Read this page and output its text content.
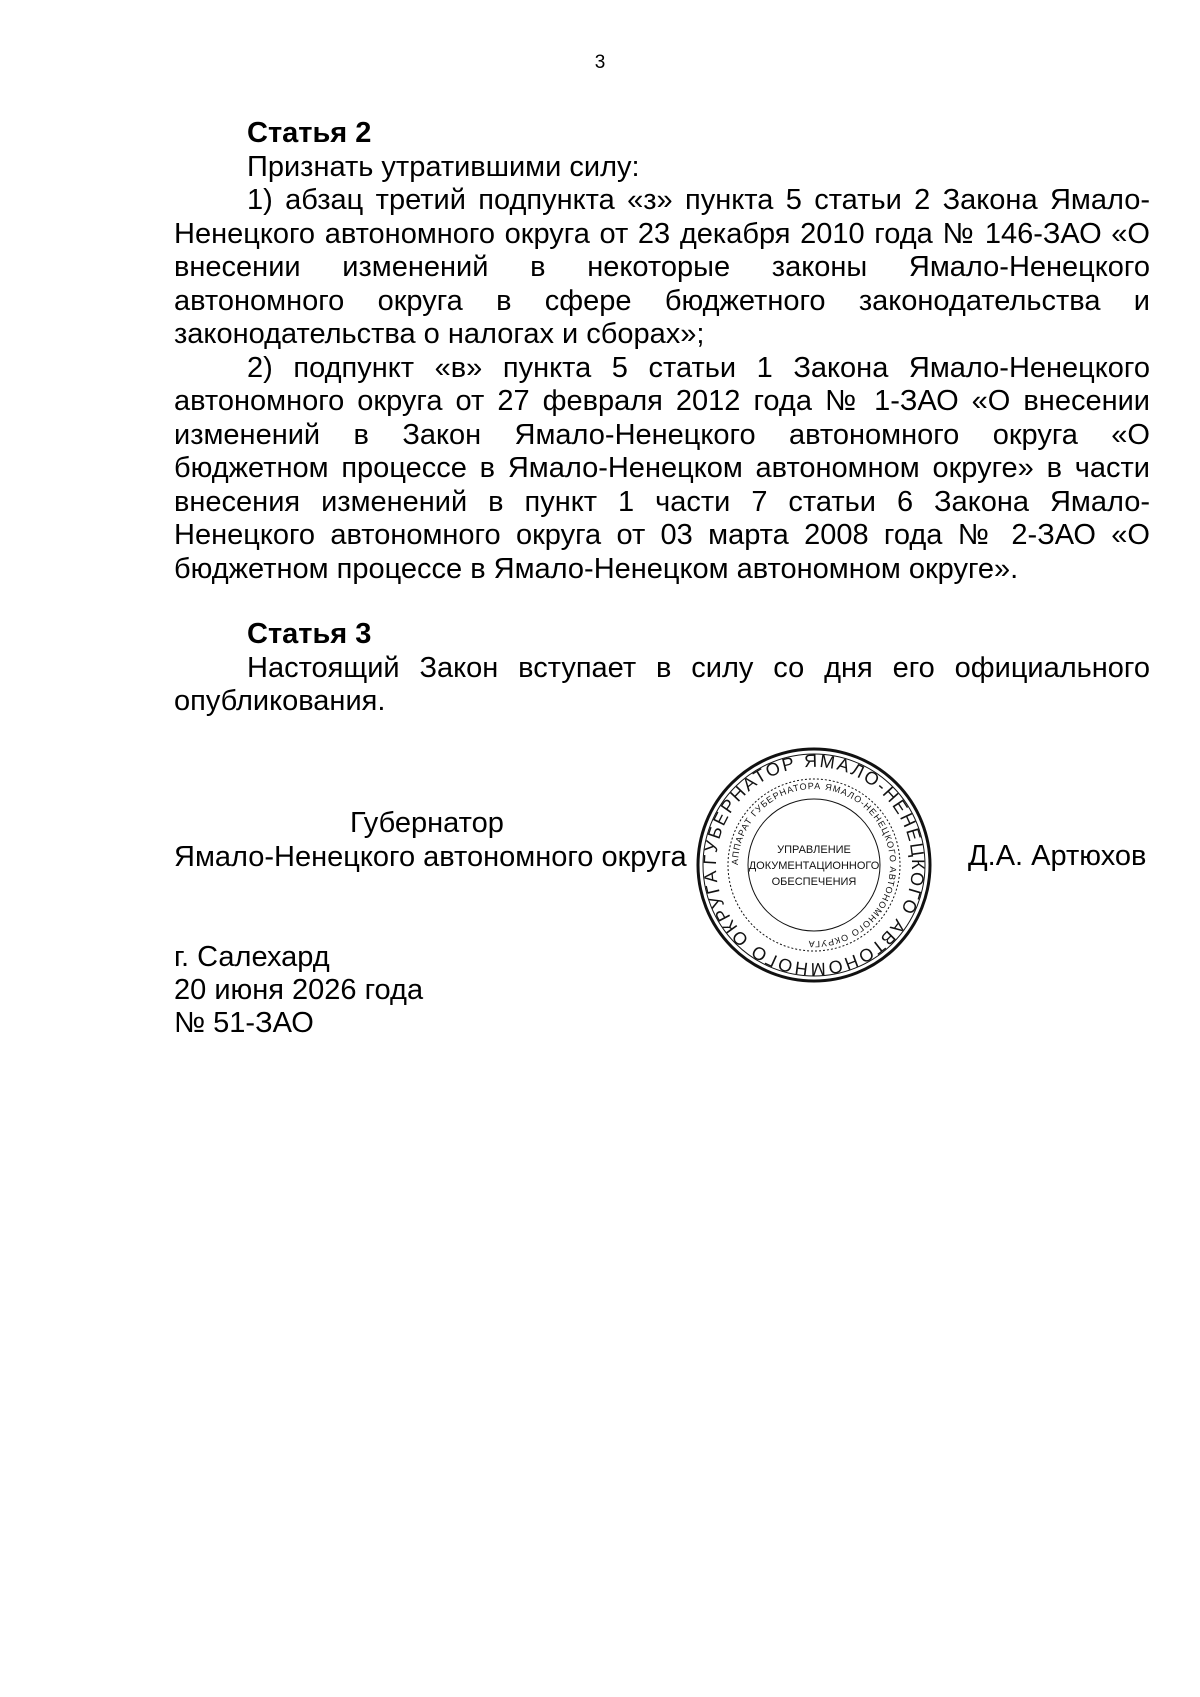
3

Статья 2

Признать утратившими силу:

1) абзац третий подпункта «з» пункта 5 статьи 2 Закона Ямало-Ненецкого автономного округа от 23 декабря 2010 года № 146-ЗАО «О внесении изменений в некоторые законы Ямало-Ненецкого автономного округа в сфере бюджетного законодательства и законодательства о налогах и сборах»;

2) подпункт «в» пункта 5 статьи 1 Закона Ямало-Ненецкого автономного округа от 27 февраля 2012 года № 1-ЗАО «О внесении изменений в Закон Ямало-Ненецкого автономного округа «О бюджетном процессе в Ямало-Ненецком автономном округе» в части внесения изменений в пункт 1 части 7 статьи 6 Закона Ямало-Ненецкого автономного округа от 03 марта 2008 года № 2-ЗАО «О бюджетном процессе в Ямало-Ненецком автономном округе».

Статья 3

Настоящий Закон вступает в силу со дня его официального опубликования.

Губернатор
Ямало-Ненецкого автономного округа ГУБЕРНАТОР ЯМАЛО-НЕНЕЦКОГО АВТОНОМНОГО ОКРУГА
АППАРАТ ГУБЕРНАТОРА ЯМАЛО-НЕНЕЦКОГО АВТОНОМНОГО ОКРУГА
УПРАВЛЕНИЕ
ДОКУМЕНТАЦИОННОГО
ОБЕСПЕЧЕНИЯ
Д.А. Артюхов
г. Салехард
20 июня 2026 года
№ 51-ЗАО
